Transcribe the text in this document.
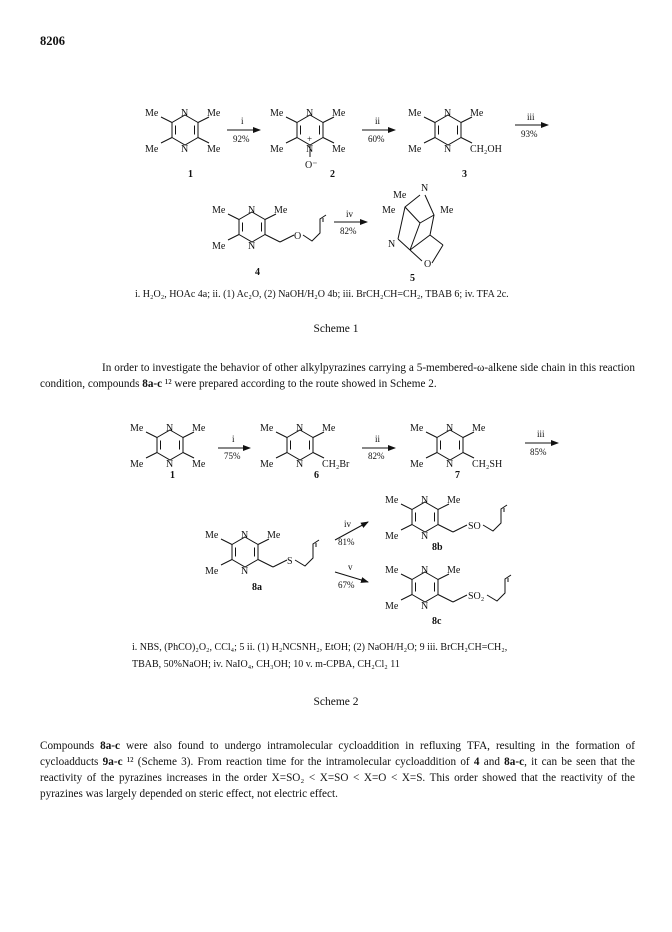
8206
N
N
Me
Me
Me
Me
1
i
92%
N
N
+
O⁻
Me
Me
Me
Me
2
ii
60%
N
N
Me
Me
Me
CH₂OH
3
iii
93%
O
N
N
Me
Me
Me
4
iv
82%
N
Me
Me	Me
N
O
5
i. H₂O₂, HOAc 4a; ii. (1) Ac₂O, (2) NaOH/H₂O 4b; iii. BrCH₂CH=CH₂, TBAB 6; iv. TFA 2c.
Scheme 1
In order to investigate the behavior of other alkylpyrazines carrying a 5-membered-ω-alkene side chain in this reaction condition, compounds 8a-c ¹² were prepared according to the route showed in Scheme 2.
N
N
Me
Me
Me
Me
1
i
75%
N
N
Me
Me
Me
CH₂Br
6
ii
82%
N
N
Me
Me
Me
CH₂SH
7
iii
85%
S
N
N
Me
Me
Me
8a
iv
81%
v
67%
SO
N
N
Me
Me
Me
8b
SO₂
N
N
Me
Me
Me
8c
i. NBS, (PhCO)₂O₂, CCl₄; 5 ii. (1) H₂NCSNH₂, EtOH; (2) NaOH/H₂O; 9 iii. BrCH₂CH=CH₂,
TBAB, 50%NaOH; iv. NaIO₄, CH₃OH; 10 v. m-CPBA, CH₂Cl₂ 11
Scheme 2
Compounds 8a-c were also found to undergo intramolecular cycloaddition in refluxing TFA, resulting in the formation of cycloadducts 9a-c ¹² (Scheme 3). From reaction time for the intramolecular cycloaddition of 4 and 8a-c, it can be seen that the reactivity of the pyrazines increases in the order X=SO₂ < X=SO < X=O < X=S. This order showed that the reactivity of the pyrazines was largely depended on steric effect, not electric effect.
